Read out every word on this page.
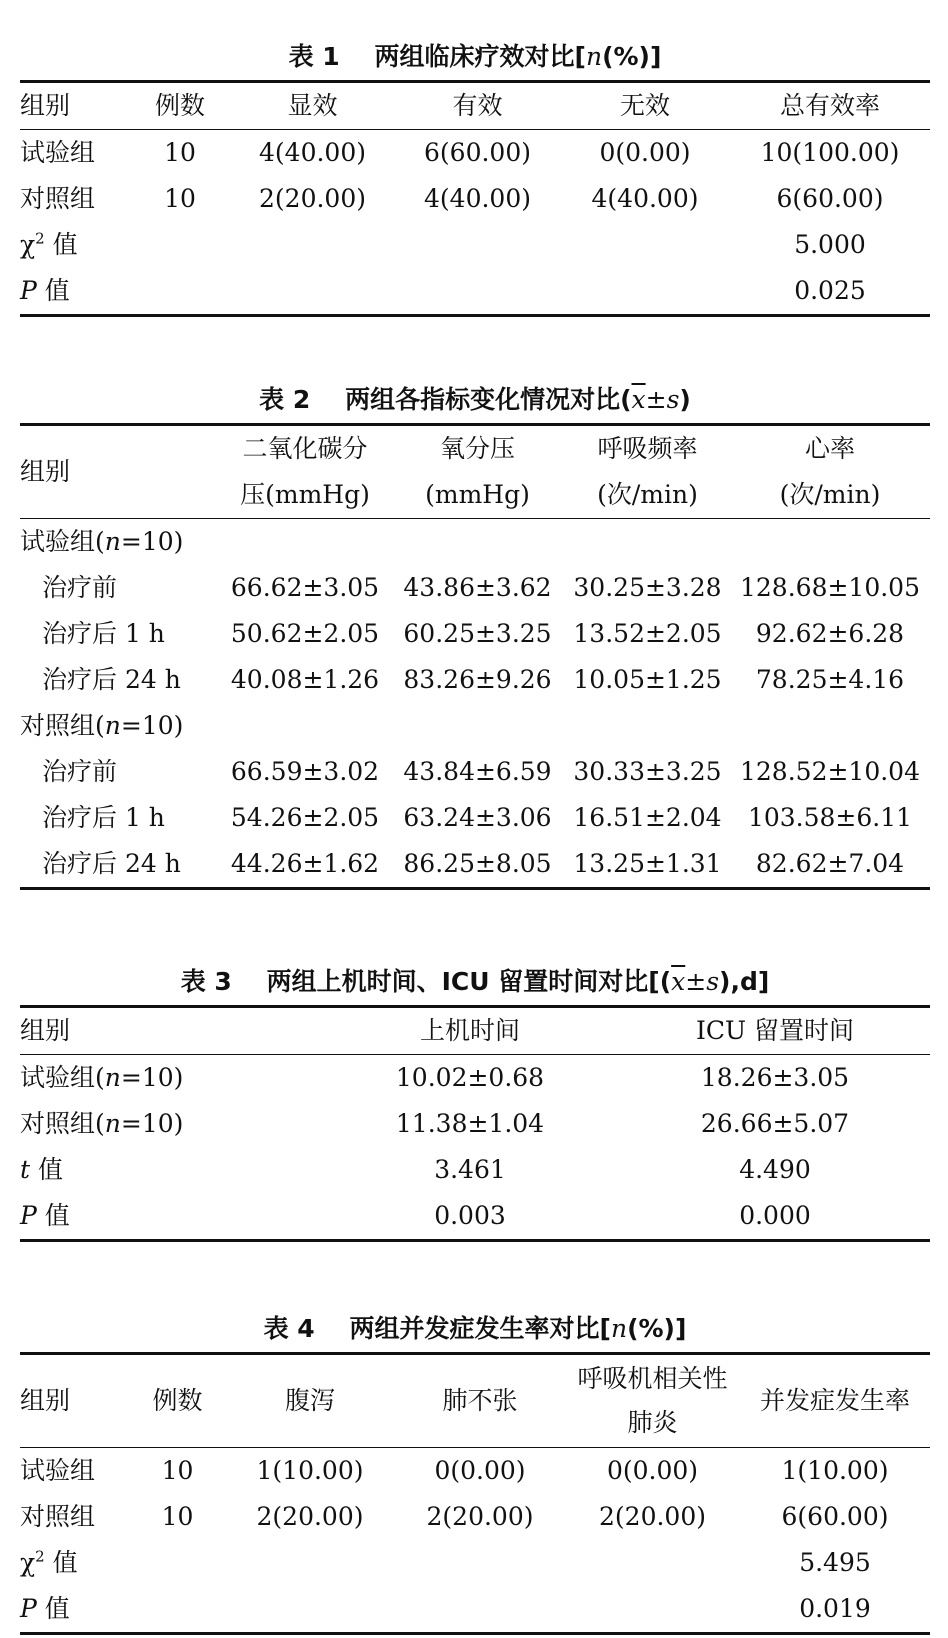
表 1 两组临床疗效对比[n(%)]
组别	例数	显效	有效	无效	总有效率
试验组	10	4(40.00)	6(60.00)	0(0.00)	10(100.00)
对照组	10	2(20.00)	4(40.00)	4(40.00)	6(60.00)
$\chi^2$ 值					5.000
P 值					0.025
表 2 两组各指标变化情况对比$(\overline{x}\pm s)$
组别	二氧化碳分	氧分压	呼吸频率	心率
	压(mmHg)	(mmHg)	(次/min)	(次/min)
试验组(n=10)				
治疗前	66.62±3.05	43.86±3.62	30.25±3.28	128.68±10.05
治疗后 1 h	50.62±2.05	60.25±3.25	13.52±2.05	92.62±6.28
治疗后 24 h	40.08±1.26	83.26±9.26	10.05±1.25	78.25±4.16
对照组(n=10)				
治疗前	66.59±3.02	43.84±6.59	30.33±3.25	128.52±10.04
治疗后 1 h	54.26±2.05	63.24±3.06	16.51±2.04	103.58±6.11
治疗后 24 h	44.26±1.62	86.25±8.05	13.25±1.31	82.62±7.04
表 3 两组上机时间、ICU 留置时间对比$[(\overline{x}\pm s),d]$
组别	上机时间	ICU 留置时间
试验组(n=10)	10.02±0.68	18.26±3.05
对照组(n=10)	11.38±1.04	26.66±5.07
t 值	3.461	4.490
P 值	0.003	0.000
表 4 两组并发症发生率对比[n(%)]
组别	例数	腹泻	肺不张	呼吸机相关性肺炎	并发症发生率
试验组	10	1(10.00)	0(0.00)	0(0.00)	1(10.00)
对照组	10	2(20.00)	2(20.00)	2(20.00)	6(60.00)
$\chi^2$ 值					5.495
P 值					0.019
